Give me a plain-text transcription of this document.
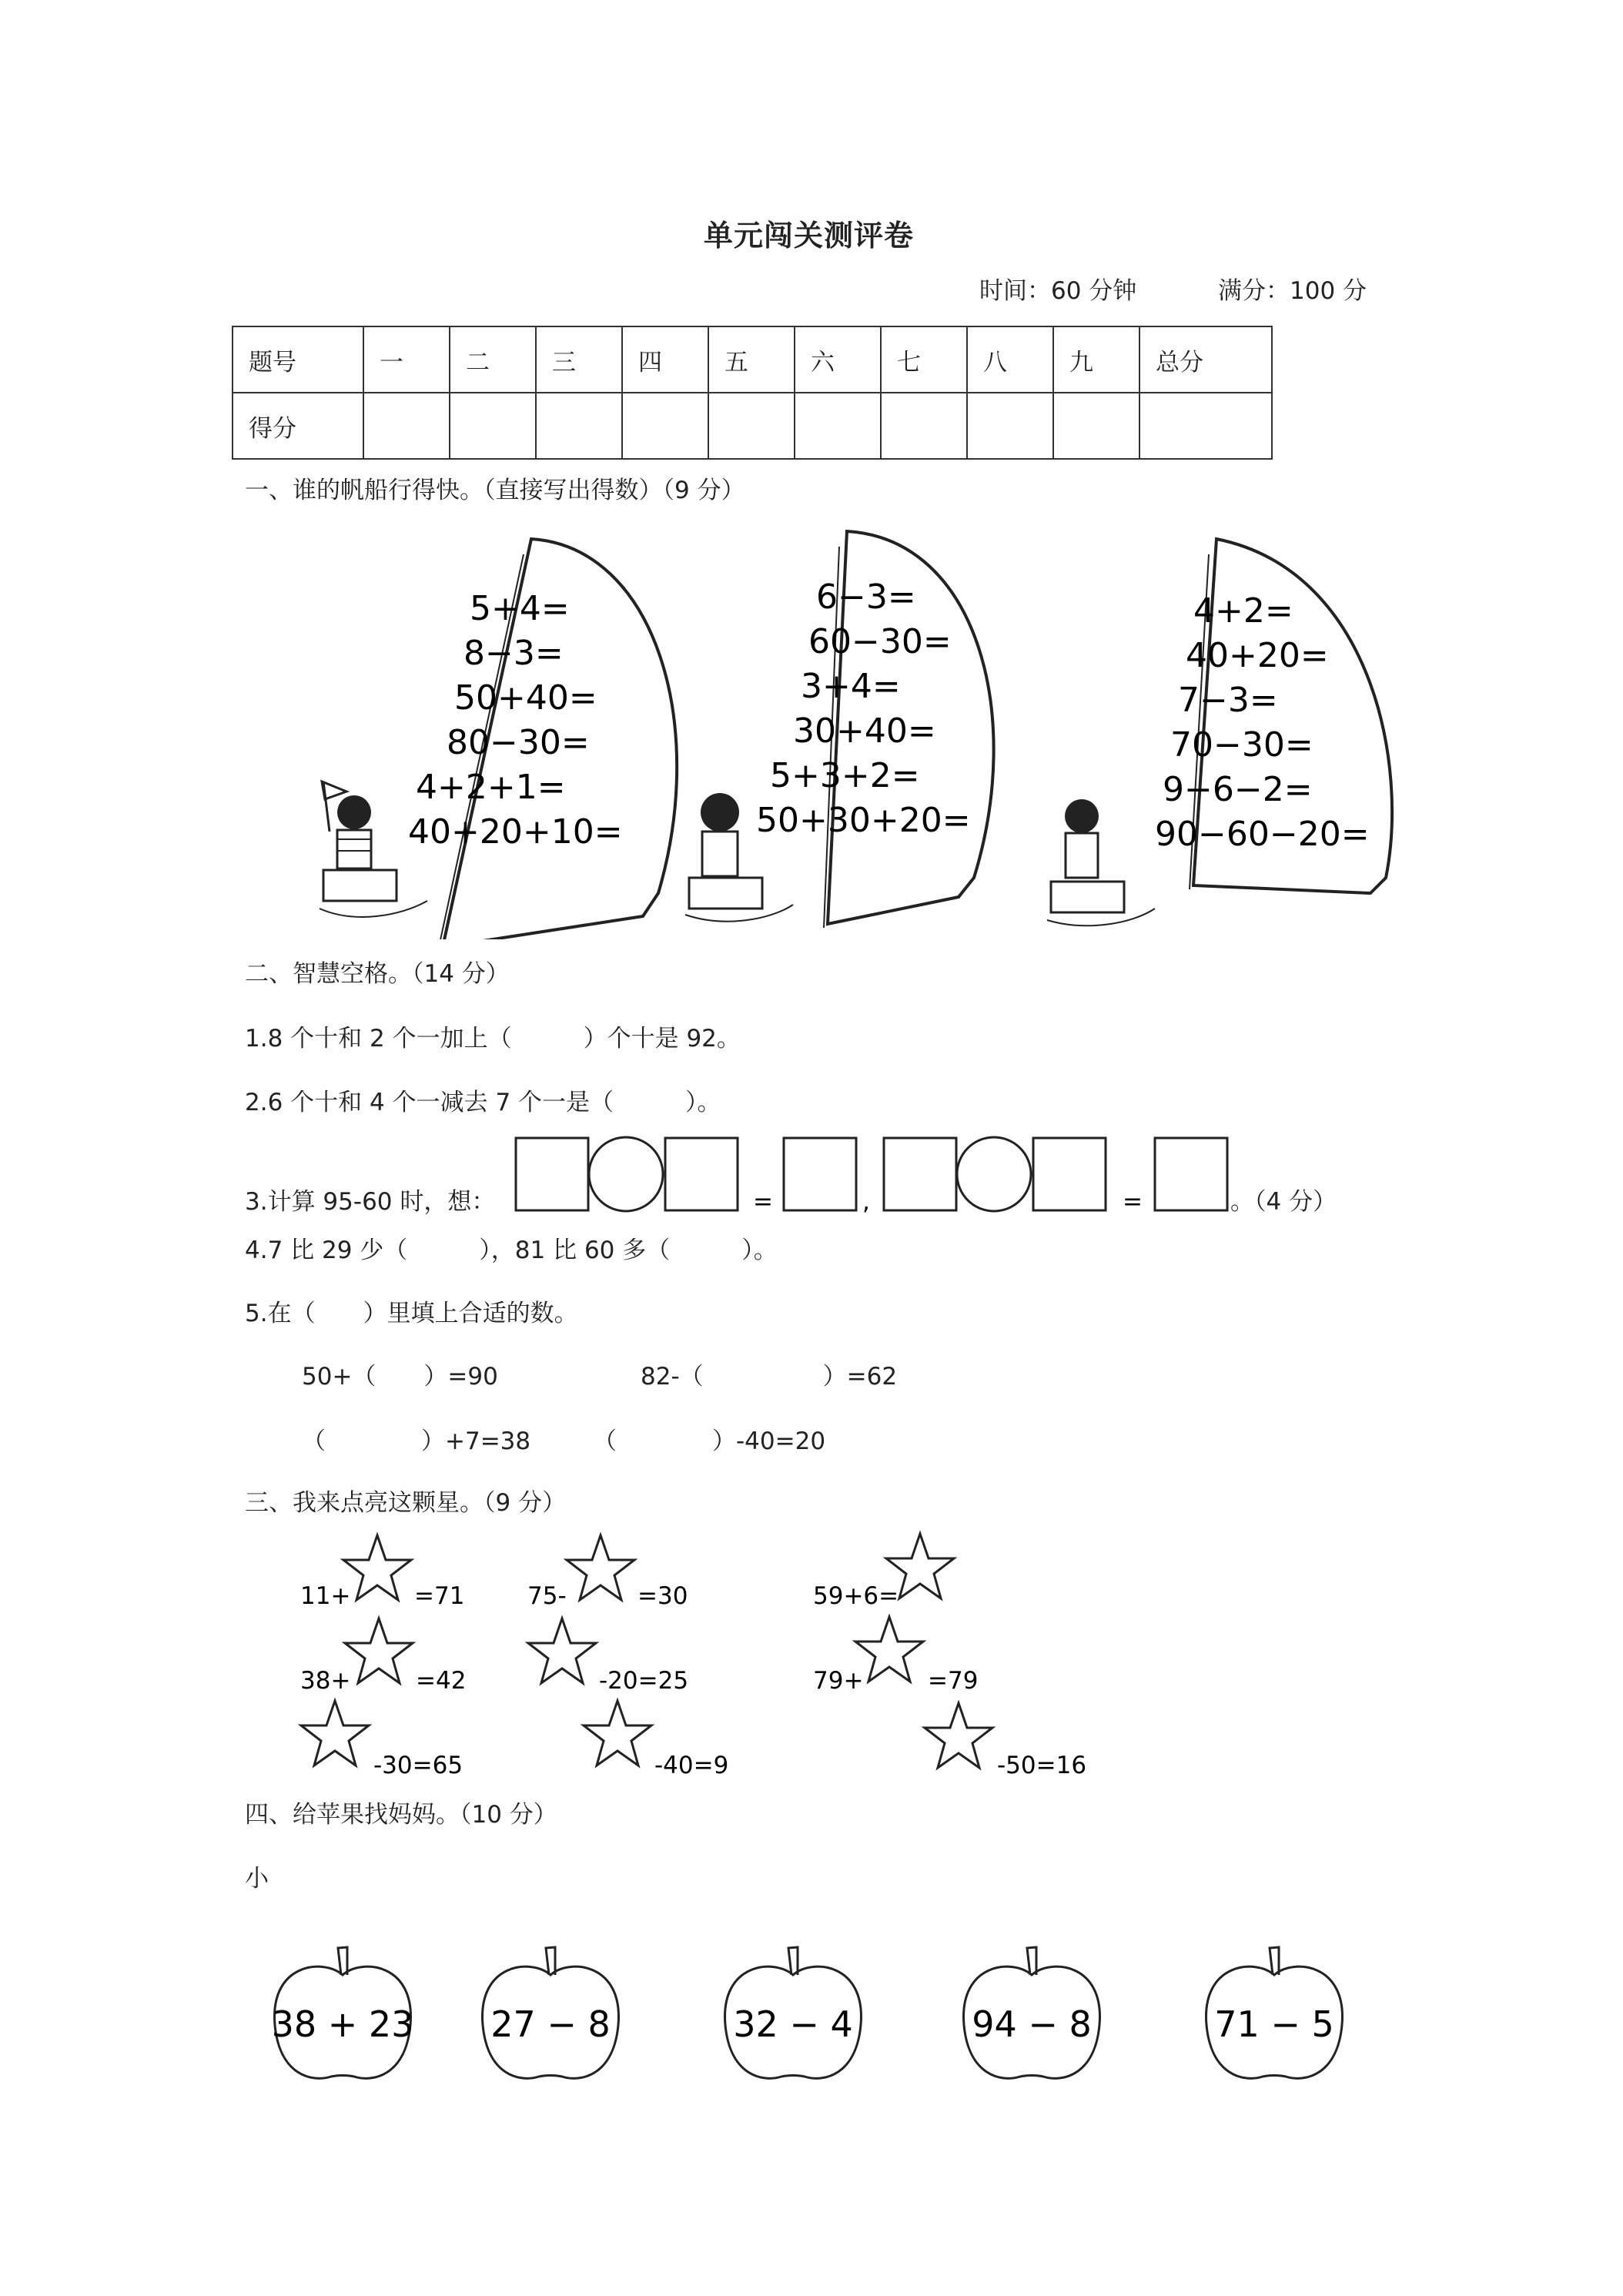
单元闯关测评卷
时间：60 分钟	满分：100 分
题号	一	二	三	四	五	六	七	八	九	总分
得分										
一、谁的帆船行得快。（直接写出得数）（9 分）
5+4=
8−3=
50+40=
80−30=
4+2+1=
40+20+10=
6−3=
60−30=
3+4=
30+40=
5+3+2=
50+30+20=
4+2=
40+20=
7−3=
70−30=
9−6−2=
90−60−20=
二、智慧空格。（14 分）
1.8 个十和 2 个一加上（　　　）个十是 92。
2.6 个十和 4 个一减去 7 个一是（　　　）。
3.计算 95-60 时，想：	=	,	=	。（4 分）
4.7 比 29 少（　　　），81 比 60 多（　　　）。
5.在（　　）里填上合适的数。
50+（　　）=90	82-（　　　　　）=62
（　　　　）+7=38	（　　　　）-40=20
三、我来点亮这颗星。（9 分）
11+	=71	75-	=30	59+6=
38+	=42	-20=25	79+	=79
-30=65	-40=9	-50=16
四、给苹果找妈妈。（10 分）
小
38 + 23 27 − 8	32 − 4	94 − 8	71 − 5
